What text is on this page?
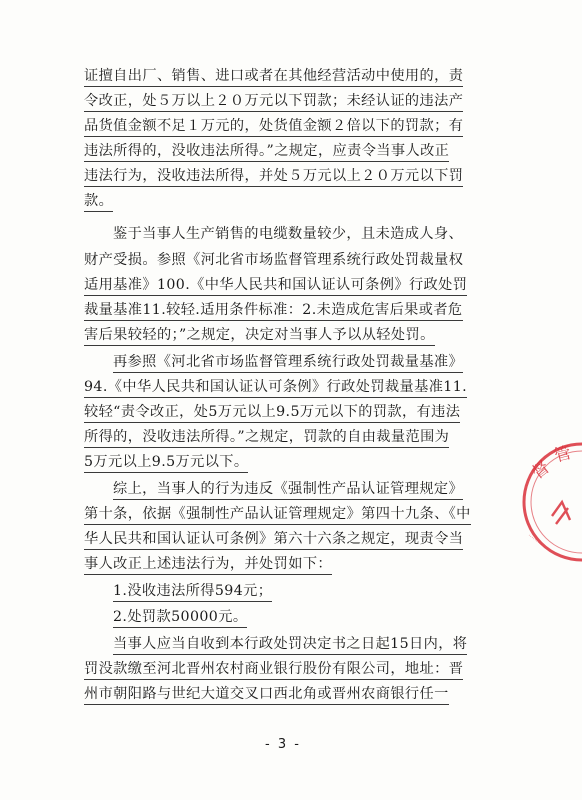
证擅自出厂、销售、进口或者在其他经营活动中使用的，责
令改正，处５万以上２０万元以下罚款；未经认证的违法产
品货值金额不足１万元的，处货值金额２倍以下的罚款；有
违法所得的，没收违法所得。”之规定，应责令当事人改正
违法行为，没收违法所得，并处５万元以上２０万元以下罚
款。
鉴于当事人生产销售的电缆数量较少，且未造成人身、
财产受损。参照《河北省市场监督管理系统行政处罚裁量权
适用基准》100.《中华人民共和国认证认可条例》行政处罚
裁量基准11.较轻.适用条件标准：2.未造成危害后果或者危
害后果较轻的；”之规定，决定对当事人予以从轻处罚。
再参照《河北省市场监督管理系统行政处罚裁量基准》
94.《中华人民共和国认证认可条例》行政处罚裁量基准11.
较轻“责令改正，处5万元以上9.5万元以下的罚款，有违法
所得的，没收违法所得。”之规定，罚款的自由裁量范围为
5万元以上9.5万元以下。
综上，当事人的行为违反《强制性产品认证管理规定》
第十条，依据《强制性产品认证管理规定》第四十九条、《中
华人民共和国认证认可条例》第六十六条之规定，现责令当
事人改正上述违法行为，并处罚如下：
1.没收违法所得594元；
2.处罚款50000元。
当事人应当自收到本行政处罚决定书之日起15日内，将
罚没款缴至河北晋州农村商业银行股份有限公司，地址：晋
州市朝阳路与世纪大道交叉口西北角或晋州农商银行任一
- 3 -
督
管
·········
